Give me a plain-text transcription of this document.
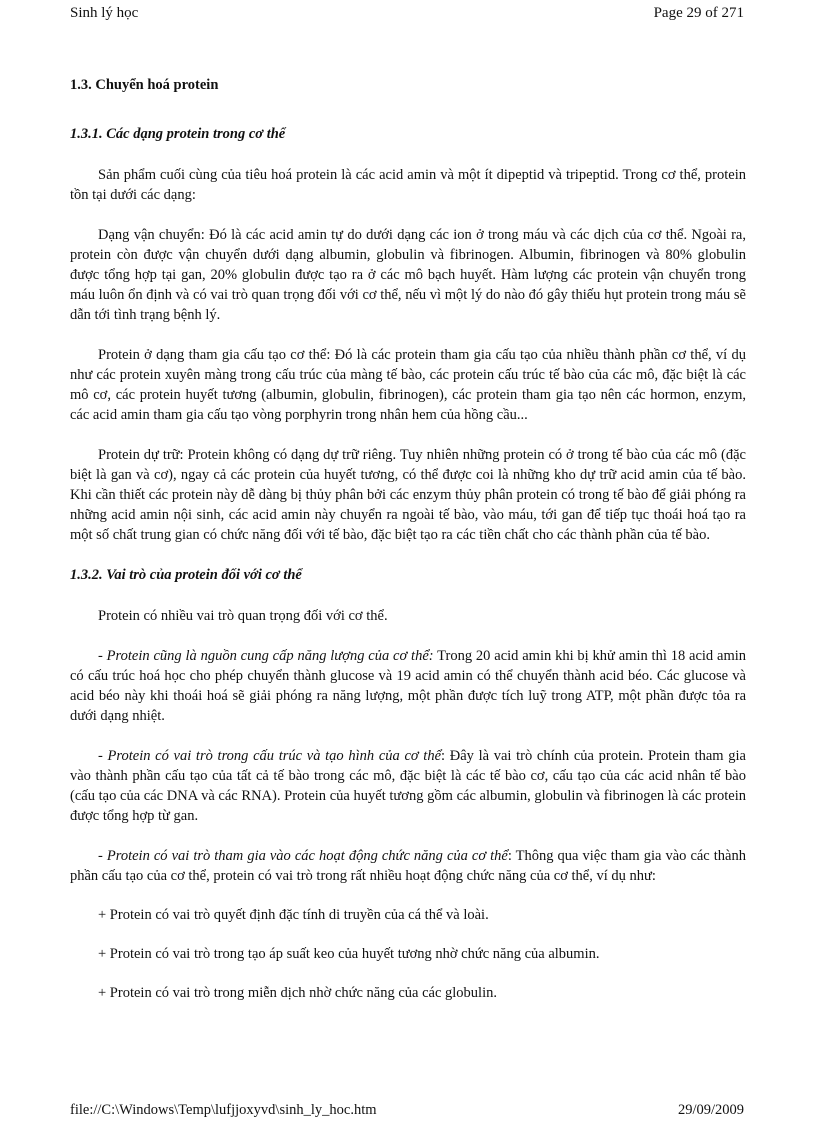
Sinh lý học	Page 29 of 271

1.3. Chuyển hoá protein

1.3.1. Các dạng protein trong cơ thể

Sản phẩm cuối cùng của tiêu hoá protein là các acid amin và một ít dipeptid và tripeptid. Trong cơ thể, protein tồn tại dưới các dạng:

Dạng vận chuyển: Đó là các acid amin tự do dưới dạng các ion ở trong máu và các dịch của cơ thể. Ngoài ra, protein còn được vận chuyển dưới dạng albumin, globulin và fibrinogen. Albumin, fibrinogen và 80% globulin được tổng hợp tại gan, 20% globulin được tạo ra ở các mô bạch huyết. Hàm lượng các protein vận chuyển trong máu luôn ổn định và có vai trò quan trọng đối với cơ thể, nếu vì một lý do nào đó gây thiếu hụt protein trong máu sẽ dẫn tới tình trạng bệnh lý.

Protein ở dạng tham gia cấu tạo cơ thể: Đó là các protein tham gia cấu tạo của nhiều thành phần cơ thể, ví dụ như các protein xuyên màng trong cấu trúc của màng tế bào, các protein cấu trúc tế bào của các mô, đặc biệt là các mô cơ, các protein huyết tương (albumin, globulin, fibrinogen), các protein tham gia tạo nên các hormon, enzym, các acid amin tham gia cấu tạo vòng porphyrin trong nhân hem của hồng cầu...

Protein dự trữ: Protein không có dạng dự trữ riêng. Tuy nhiên những protein có ở trong tế bào của các mô (đặc biệt là gan và cơ), ngay cả các protein của huyết tương, có thể được coi là những kho dự trữ acid amin của tế bào. Khi cần thiết các protein này dễ dàng bị thủy phân bởi các enzym thủy phân protein có trong tế bào để giải phóng ra những acid amin nội sinh, các acid amin này chuyển ra ngoài tế bào, vào máu, tới gan để tiếp tục thoái hoá tạo ra một số chất trung gian có chức năng đối với tế bào, đặc biệt tạo ra các tiền chất cho các thành phần của tế bào.

1.3.2. Vai trò của protein đối với cơ thể

Protein có nhiều vai trò quan trọng đối với cơ thể.

- Protein cũng là nguồn cung cấp năng lượng của cơ thể: Trong 20 acid amin khi bị khử amin thì 18 acid amin có cấu trúc hoá học cho phép chuyển thành glucose và 19 acid amin có thể chuyển thành acid béo. Các glucose và acid béo này khi thoái hoá sẽ giải phóng ra năng lượng, một phần được tích luỹ trong ATP, một phần được tỏa ra dưới dạng nhiệt.

- Protein có vai trò trong cấu trúc và tạo hình của cơ thể: Đây là vai trò chính của protein. Protein tham gia vào thành phần cấu tạo của tất cả tế bào trong các mô, đặc biệt là các tế bào cơ, cấu tạo của các acid nhân tế bào (cấu tạo của các DNA và các RNA). Protein của huyết tương gồm các albumin, globulin và fibrinogen là các protein được tổng hợp từ gan.

- Protein có vai trò tham gia vào các hoạt động chức năng của cơ thể: Thông qua việc tham gia vào các thành phần cấu tạo của cơ thể, protein có vai trò trong rất nhiều hoạt động chức năng của cơ thể, ví dụ như:

+ Protein có vai trò quyết định đặc tính di truyền của cá thể và loài.

+ Protein có vai trò trong tạo áp suất keo của huyết tương nhờ chức năng của albumin.

+ Protein có vai trò trong miễn dịch nhờ chức năng của các globulin.

file://C:\Windows\Temp\lufjjoxyvd\sinh_ly_hoc.htm	29/09/2009
